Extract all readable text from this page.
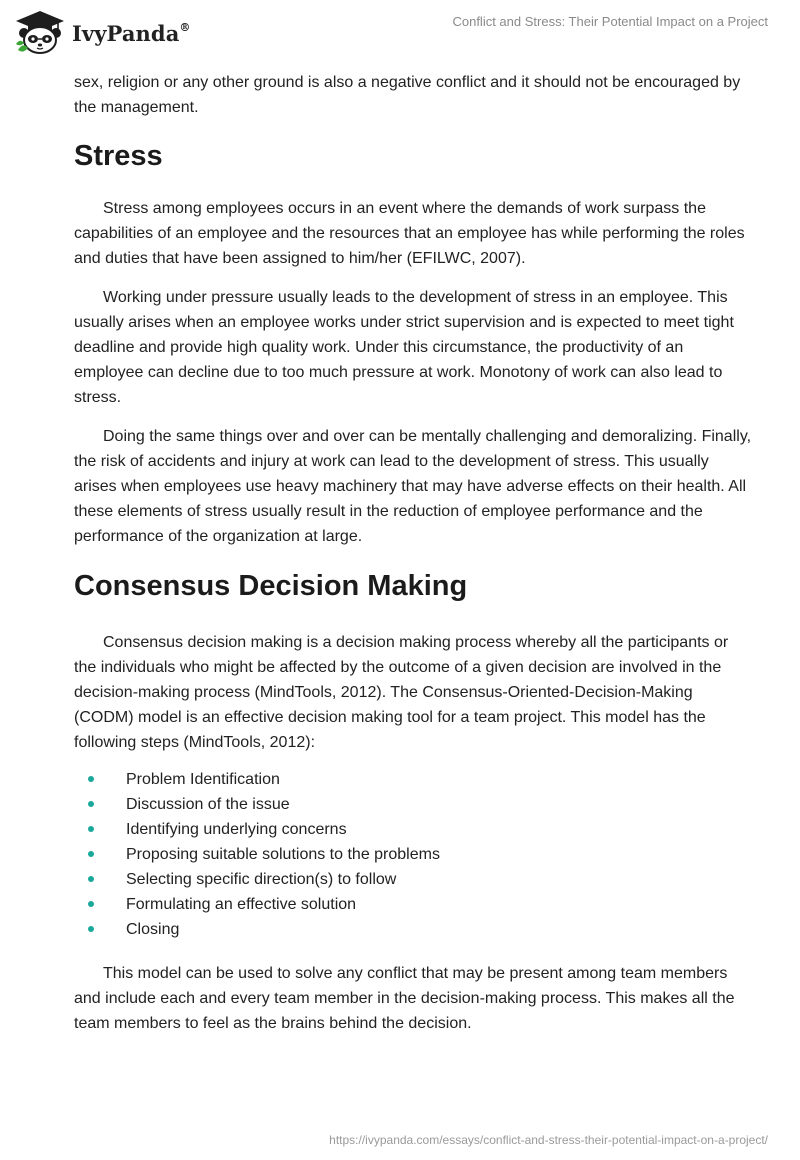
IvyPanda®	Conflict and Stress: Their Potential Impact on a Project

sex, religion or any other ground is also a negative conflict and it should not be encouraged by the management.

Stress

Stress among employees occurs in an event where the demands of work surpass the capabilities of an employee and the resources that an employee has while performing the roles and duties that have been assigned to him/her (EFILWC, 2007).

Working under pressure usually leads to the development of stress in an employee. This usually arises when an employee works under strict supervision and is expected to meet tight deadline and provide high quality work. Under this circumstance, the productivity of an employee can decline due to too much pressure at work. Monotony of work can also lead to stress.

Doing the same things over and over can be mentally challenging and demoralizing. Finally, the risk of accidents and injury at work can lead to the development of stress. This usually arises when employees use heavy machinery that may have adverse effects on their health. All these elements of stress usually result in the reduction of employee performance and the performance of the organization at large.

Consensus Decision Making

Consensus decision making is a decision making process whereby all the participants or the individuals who might be affected by the outcome of a given decision are involved in the decision-making process (MindTools, 2012). The Consensus-Oriented-Decision-Making (CODM) model is an effective decision making tool for a team project. This model has the following steps (MindTools, 2012):

Problem Identification
Discussion of the issue
Identifying underlying concerns
Proposing suitable solutions to the problems
Selecting specific direction(s) to follow
Formulating an effective solution
Closing

This model can be used to solve any conflict that may be present among team members and include each and every team member in the decision-making process. This makes all the team members to feel as the brains behind the decision.

https://ivypanda.com/essays/conflict-and-stress-their-potential-impact-on-a-project/
